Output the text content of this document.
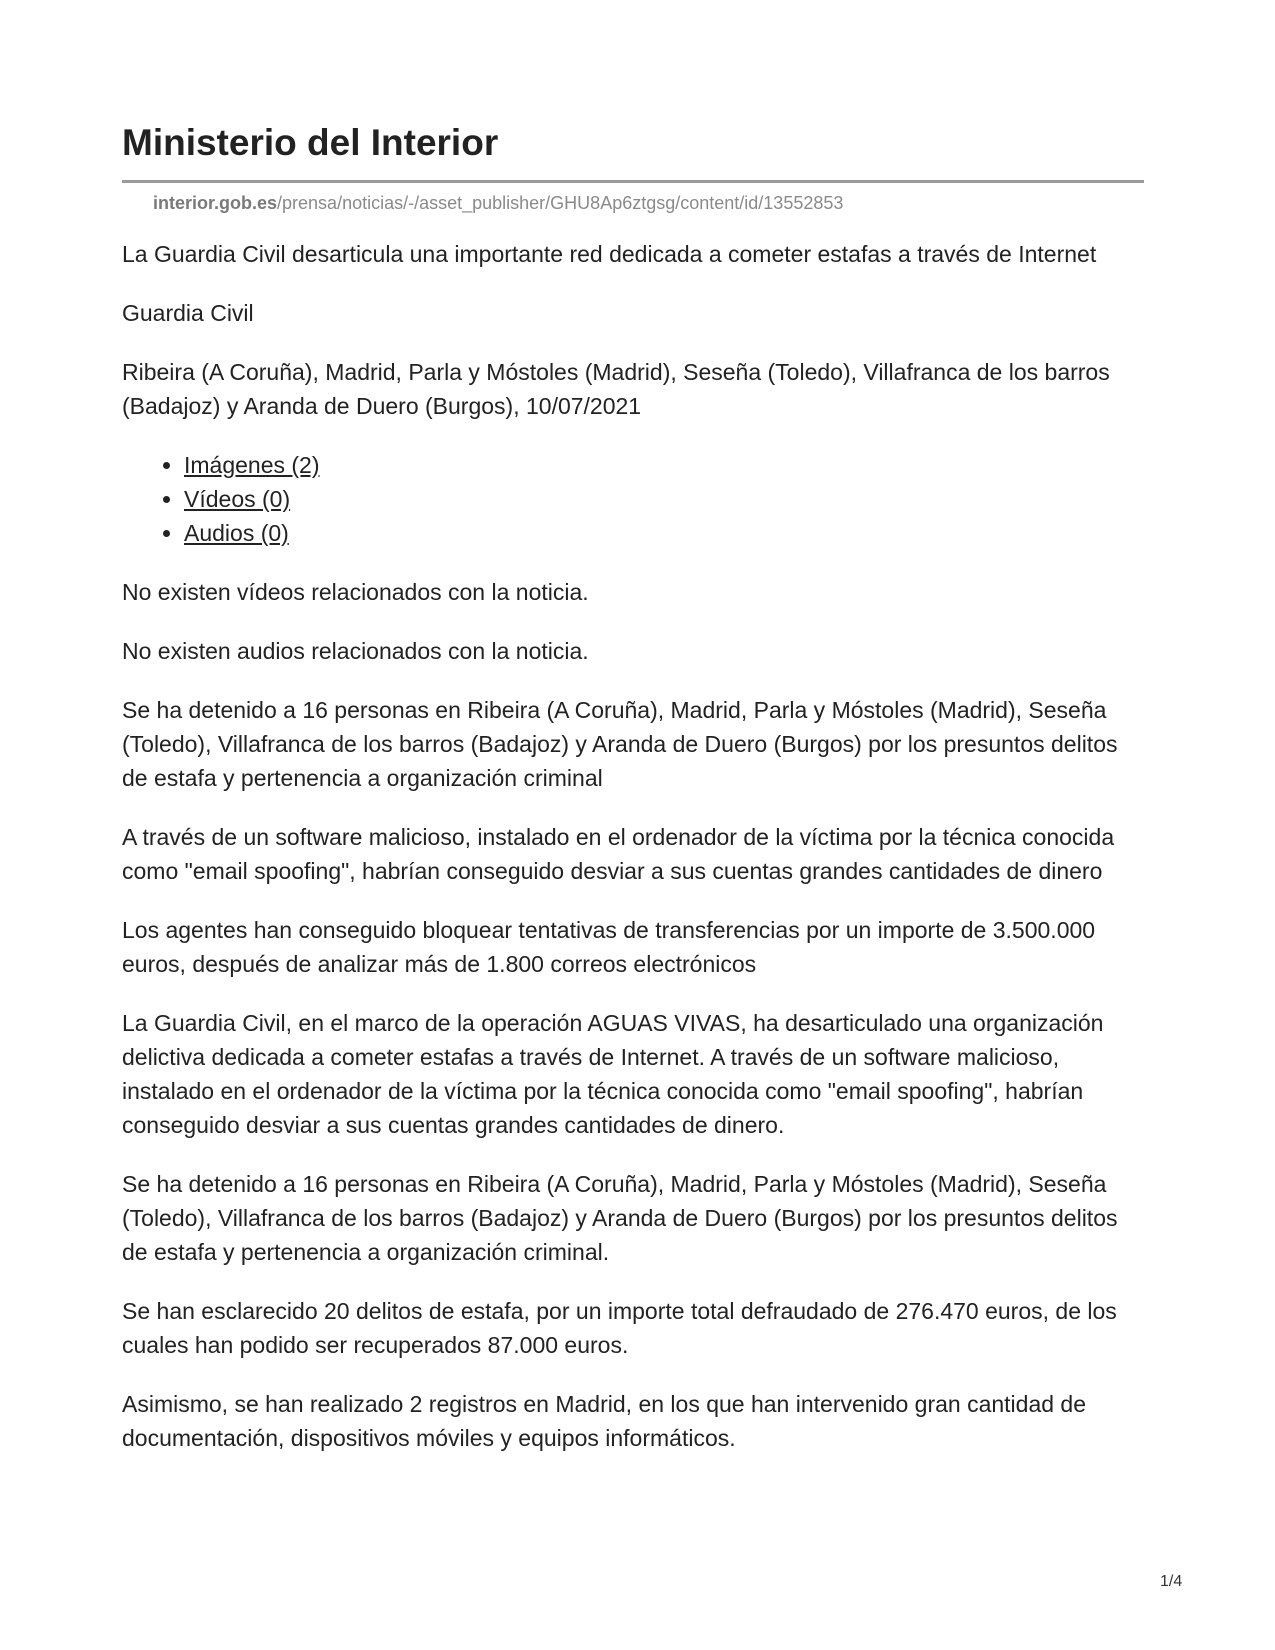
Ministerio del Interior
interior.gob.es/prensa/noticias/-/asset_publisher/GHU8Ap6ztgsg/content/id/13552853

La Guardia Civil desarticula una importante red dedicada a cometer estafas a través de Internet

Guardia Civil

Ribeira (A Coruña), Madrid, Parla y Móstoles (Madrid), Seseña (Toledo), Villafranca de los barros (Badajoz) y Aranda de Duero (Burgos), 10/07/2021

• Imágenes (2)
• Vídeos (0)
• Audios (0)

No existen vídeos relacionados con la noticia.

No existen audios relacionados con la noticia.

Se ha detenido a 16 personas en Ribeira (A Coruña), Madrid, Parla y Móstoles (Madrid), Seseña (Toledo), Villafranca de los barros (Badajoz) y Aranda de Duero (Burgos) por los presuntos delitos de estafa y pertenencia a organización criminal

A través de un software malicioso, instalado en el ordenador de la víctima por la técnica conocida como "email spoofing", habrían conseguido desviar a sus cuentas grandes cantidades de dinero

Los agentes han conseguido bloquear tentativas de transferencias por un importe de 3.500.000 euros, después de analizar más de 1.800 correos electrónicos

La Guardia Civil, en el marco de la operación AGUAS VIVAS, ha desarticulado una organización delictiva dedicada a cometer estafas a través de Internet. A través de un software malicioso, instalado en el ordenador de la víctima por la técnica conocida como "email spoofing", habrían conseguido desviar a sus cuentas grandes cantidades de dinero.

Se ha detenido a 16 personas en Ribeira (A Coruña), Madrid, Parla y Móstoles (Madrid), Seseña (Toledo), Villafranca de los barros (Badajoz) y Aranda de Duero (Burgos) por los presuntos delitos de estafa y pertenencia a organización criminal.

Se han esclarecido 20 delitos de estafa, por un importe total defraudado de 276.470 euros, de los cuales han podido ser recuperados 87.000 euros.

Asimismo, se han realizado 2 registros en Madrid, en los que han intervenido gran cantidad de documentación, dispositivos móviles y equipos informáticos.

1/4
